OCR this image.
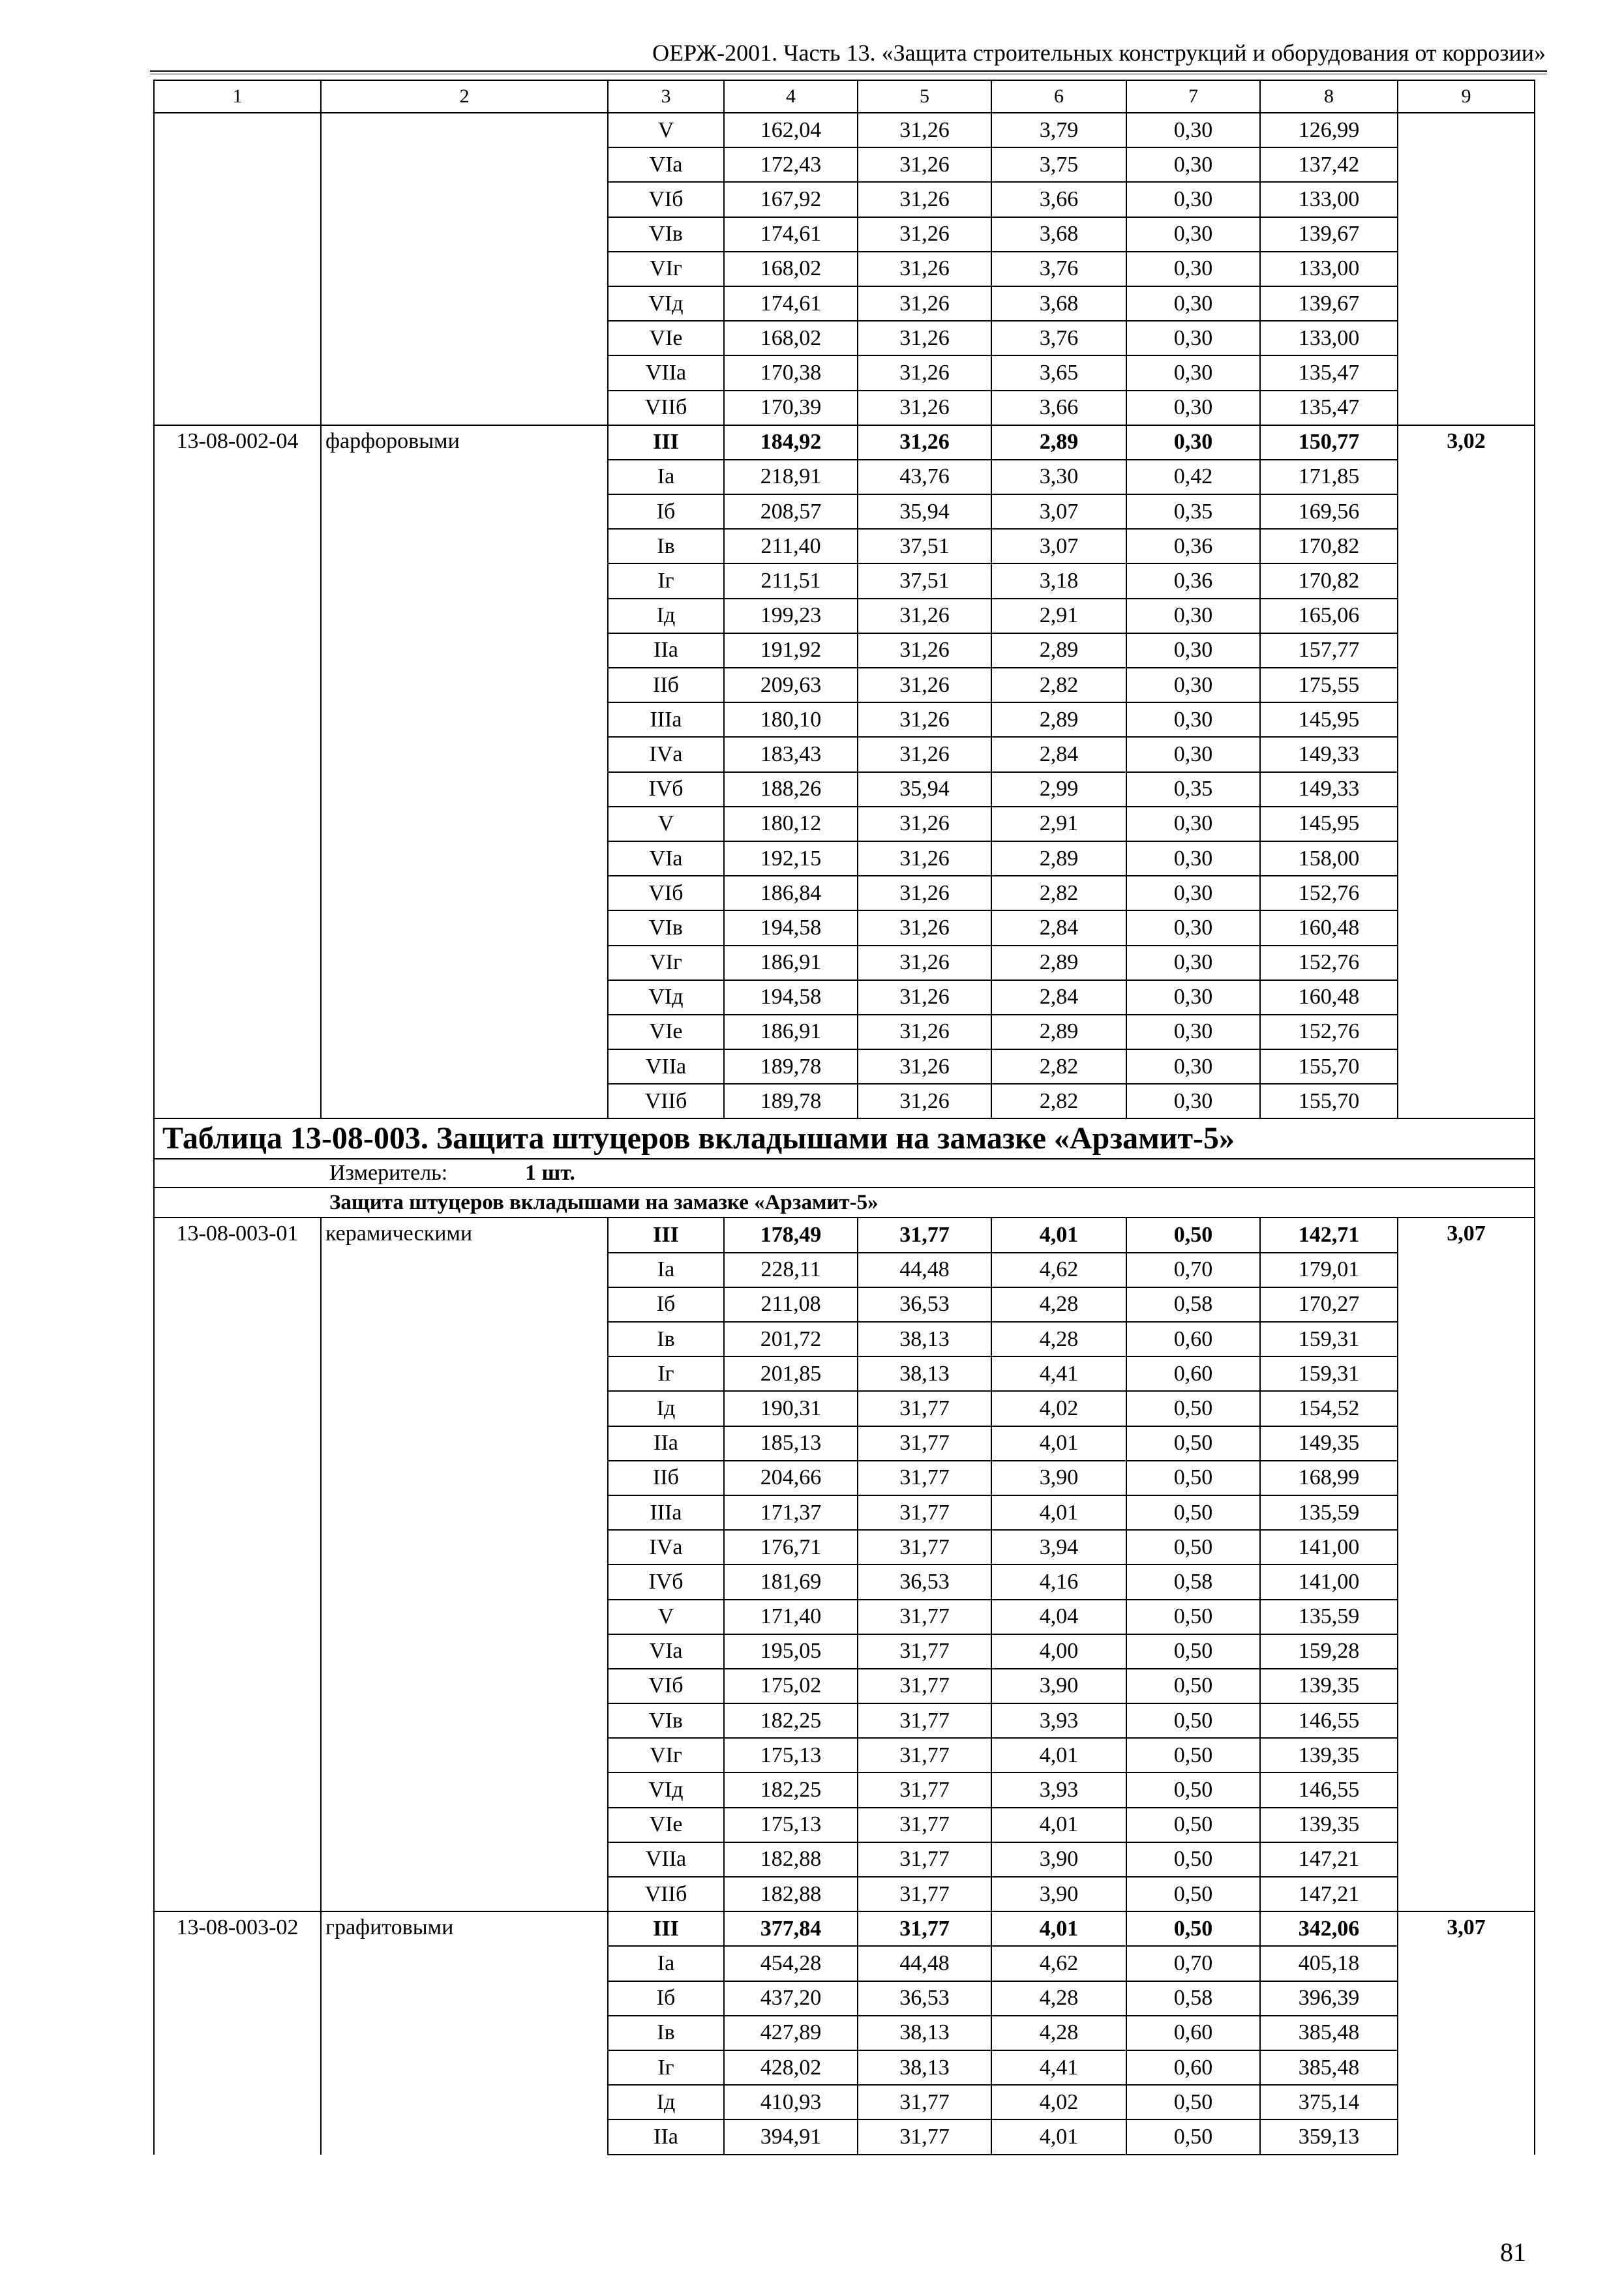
ОЕРЖ-2001. Часть 13. «Защита строительных конструкций и оборудования от коррозии»
1	2	3	4	5	6	7	8	9
		V	162,04	31,26	3,79	0,30	126,99	
		VIа	172,43	31,26	3,75	0,30	137,42	
		VIб	167,92	31,26	3,66	0,30	133,00	
		VIв	174,61	31,26	3,68	0,30	139,67	
		VIг	168,02	31,26	3,76	0,30	133,00	
		VIд	174,61	31,26	3,68	0,30	139,67	
		VIе	168,02	31,26	3,76	0,30	133,00	
		VIIа	170,38	31,26	3,65	0,30	135,47	
		VIIб	170,39	31,26	3,66	0,30	135,47	
13-08-002-04	фарфоровыми	III	184,92	31,26	2,89	0,30	150,77	3,02
		Iа	218,91	43,76	3,30	0,42	171,85	
		Iб	208,57	35,94	3,07	0,35	169,56	
		Iв	211,40	37,51	3,07	0,36	170,82	
		Iг	211,51	37,51	3,18	0,36	170,82	
		Iд	199,23	31,26	2,91	0,30	165,06	
		IIа	191,92	31,26	2,89	0,30	157,77	
		IIб	209,63	31,26	2,82	0,30	175,55	
		IIIа	180,10	31,26	2,89	0,30	145,95	
		IVа	183,43	31,26	2,84	0,30	149,33	
		IVб	188,26	35,94	2,99	0,35	149,33	
		V	180,12	31,26	2,91	0,30	145,95	
		VIа	192,15	31,26	2,89	0,30	158,00	
		VIб	186,84	31,26	2,82	0,30	152,76	
		VIв	194,58	31,26	2,84	0,30	160,48	
		VIг	186,91	31,26	2,89	0,30	152,76	
		VIд	194,58	31,26	2,84	0,30	160,48	
		VIе	186,91	31,26	2,89	0,30	152,76	
		VIIа	189,78	31,26	2,82	0,30	155,70	
		VIIб	189,78	31,26	2,82	0,30	155,70	
Таблица 13-08-003. Защита штуцеров вкладышами на замазке «Арзамит-5»								
Измеритель: 1 шт.								
Защита штуцеров вкладышами на замазке «Арзамит-5»								
13-08-003-01	керамическими	III	178,49	31,77	4,01	0,50	142,71	3,07
		Iа	228,11	44,48	4,62	0,70	179,01	
		Iб	211,08	36,53	4,28	0,58	170,27	
		Iв	201,72	38,13	4,28	0,60	159,31	
		Iг	201,85	38,13	4,41	0,60	159,31	
		Iд	190,31	31,77	4,02	0,50	154,52	
		IIа	185,13	31,77	4,01	0,50	149,35	
		IIб	204,66	31,77	3,90	0,50	168,99	
		IIIа	171,37	31,77	4,01	0,50	135,59	
		IVа	176,71	31,77	3,94	0,50	141,00	
		IVб	181,69	36,53	4,16	0,58	141,00	
		V	171,40	31,77	4,04	0,50	135,59	
		VIа	195,05	31,77	4,00	0,50	159,28	
		VIб	175,02	31,77	3,90	0,50	139,35	
		VIв	182,25	31,77	3,93	0,50	146,55	
		VIг	175,13	31,77	4,01	0,50	139,35	
		VIд	182,25	31,77	3,93	0,50	146,55	
		VIе	175,13	31,77	4,01	0,50	139,35	
		VIIа	182,88	31,77	3,90	0,50	147,21	
		VIIб	182,88	31,77	3,90	0,50	147,21	
13-08-003-02	графитовыми	III	377,84	31,77	4,01	0,50	342,06	3,07
		Iа	454,28	44,48	4,62	0,70	405,18	
		Iб	437,20	36,53	4,28	0,58	396,39	
		Iв	427,89	38,13	4,28	0,60	385,48	
		Iг	428,02	38,13	4,41	0,60	385,48	
		Iд	410,93	31,77	4,02	0,50	375,14	
		IIа	394,91	31,77	4,01	0,50	359,13	
81
